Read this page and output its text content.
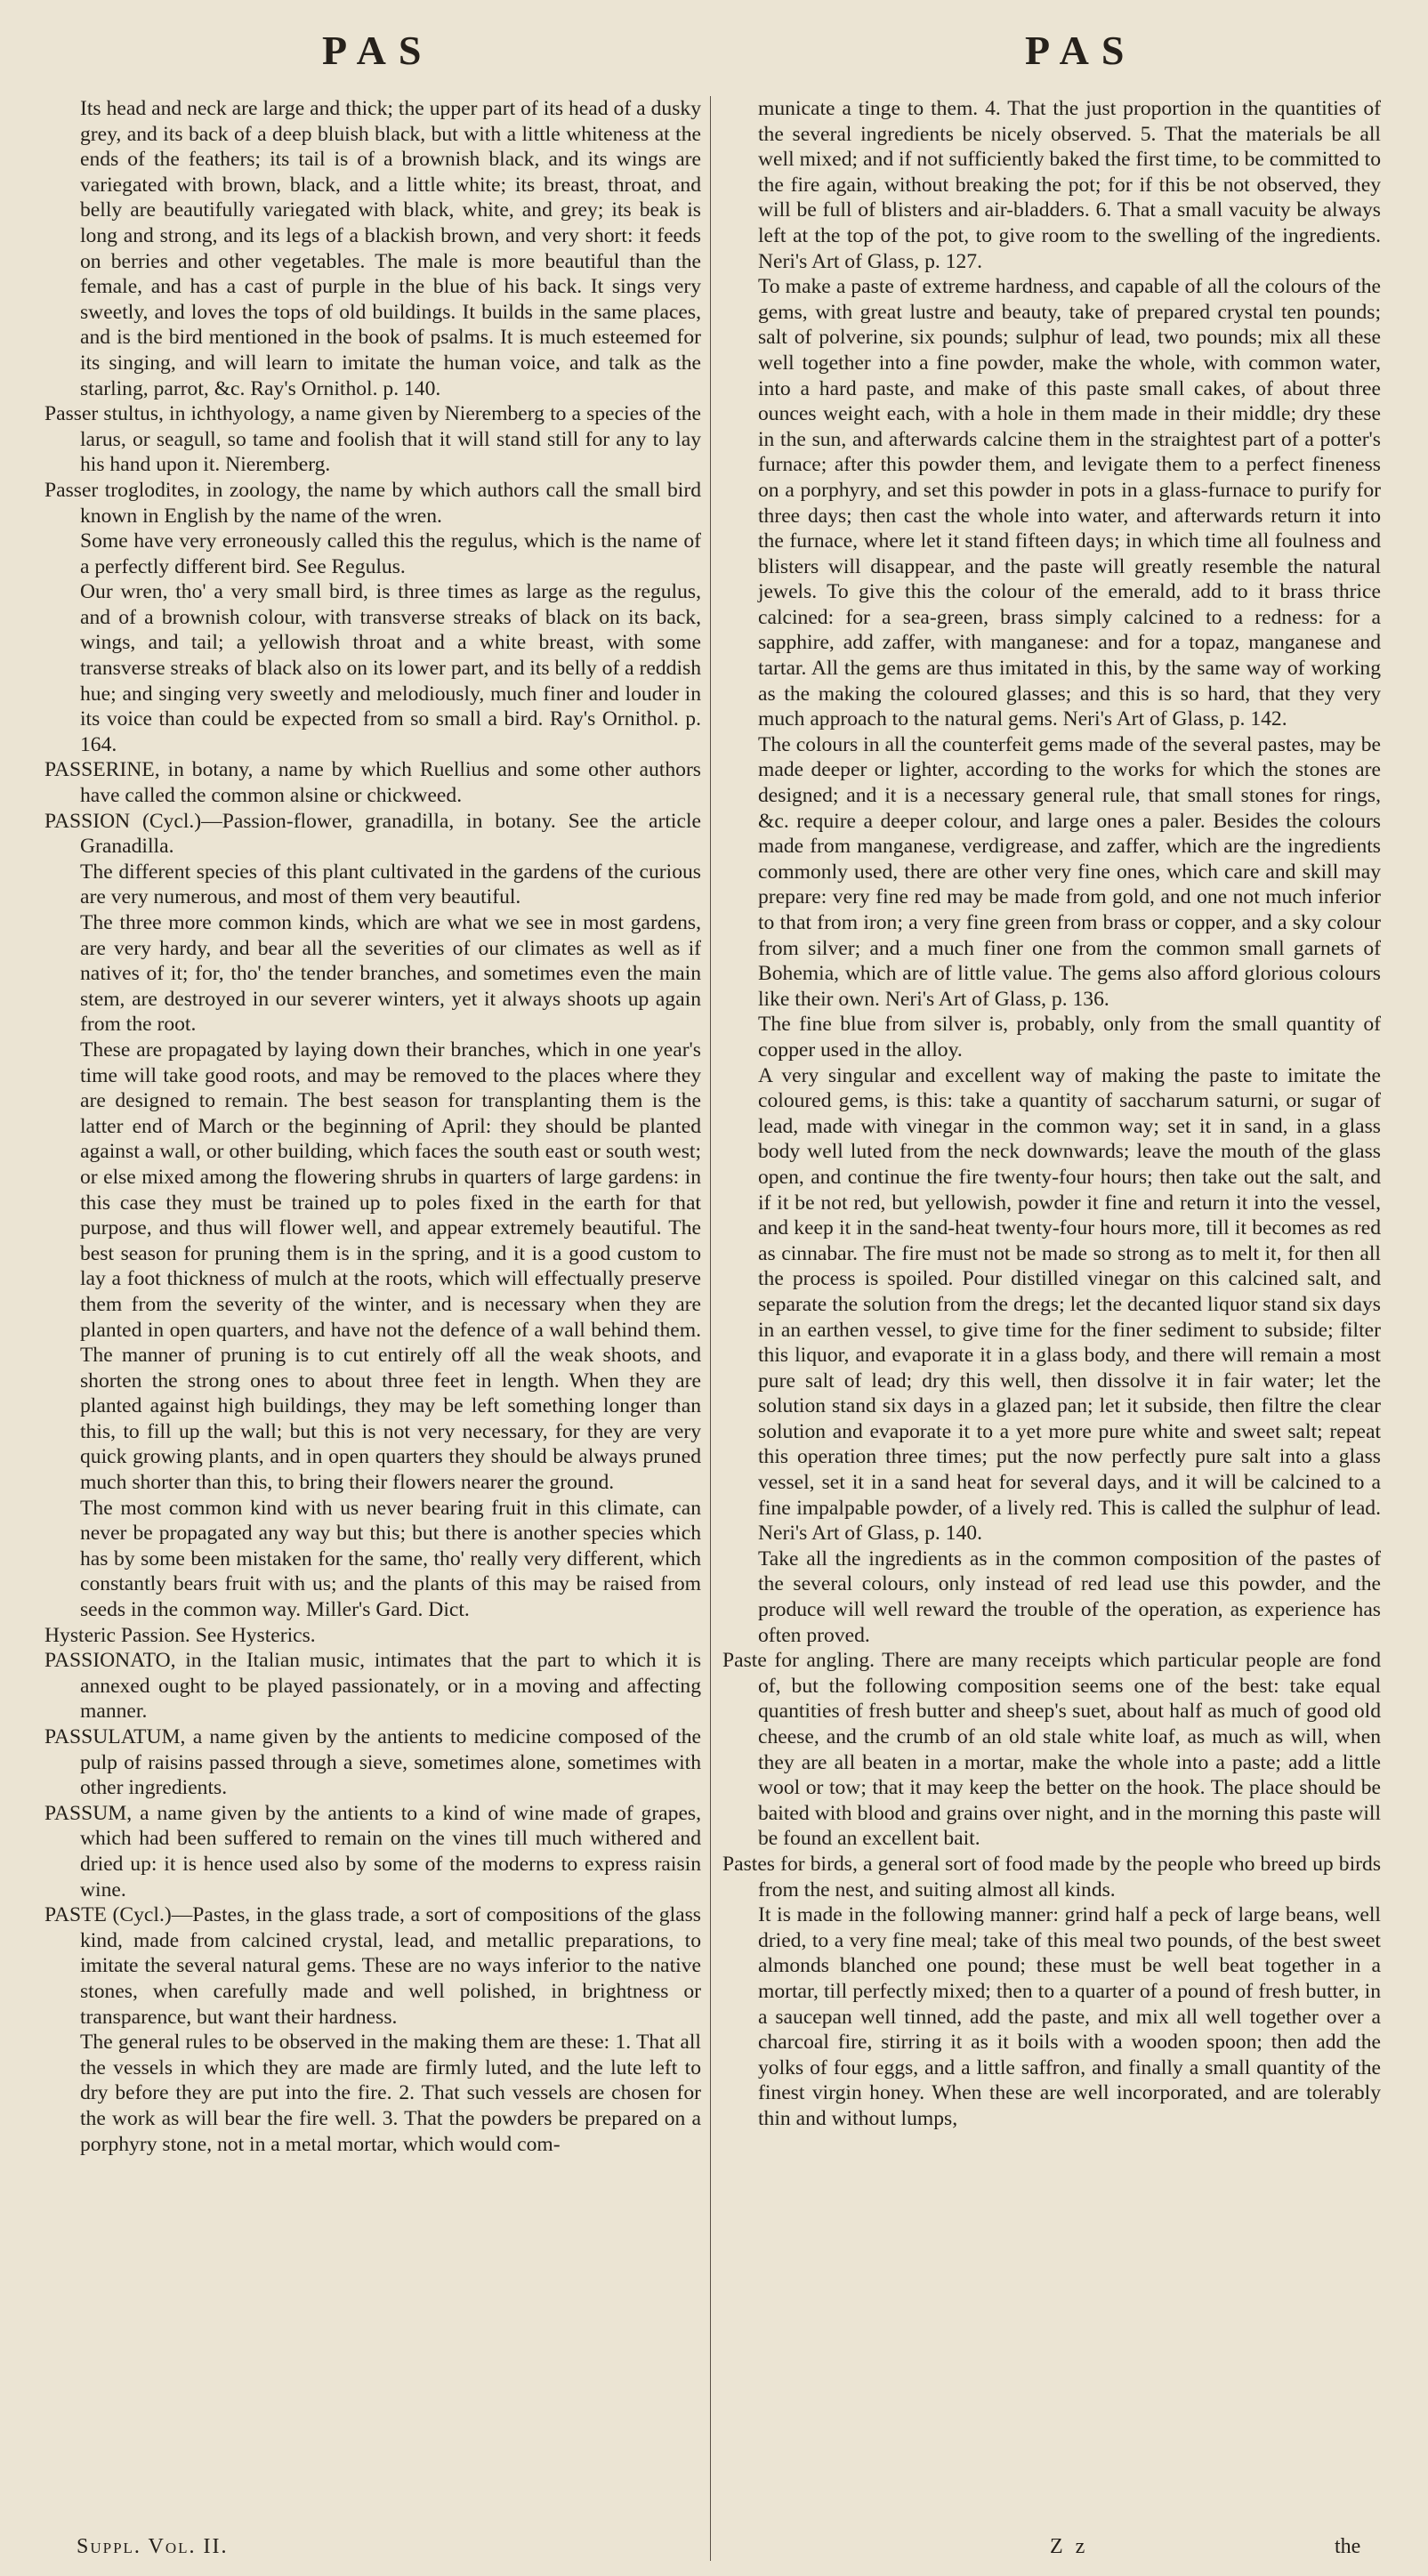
PAS	PAS

Its head and neck are large and thick; the upper part of its head of a dusky grey, and its back of a deep bluish black, but with a little whiteness at the ends of the feathers; its tail is of a brownish black, and its wings are variegated with brown, black, and a little white; its breast, throat, and belly are beautifully variegated with black, white, and grey; its beak is long and strong, and its legs of a blackish brown, and very short: it feeds on berries and other vegetables. The male is more beautiful than the female, and has a cast of purple in the blue of his back. It sings very sweetly, and loves the tops of old buildings. It builds in the same places, and is the bird mentioned in the book of psalms. It is much esteemed for its singing, and will learn to imitate the human voice, and talk as the starling, parrot, &c. Ray's Ornithol. p. 140.

Passer stultus, in ichthyology, a name given by Nieremberg to a species of the larus, or seagull, so tame and foolish that it will stand still for any to lay his hand upon it. Nieremberg.

Passer troglodites, in zoology, the name by which authors call the small bird known in English by the name of the wren.

Some have very erroneously called this the regulus, which is the name of a perfectly different bird. See Regulus.

Our wren, tho' a very small bird, is three times as large as the regulus, and of a brownish colour, with transverse streaks of black on its back, wings, and tail; a yellowish throat and a white breast, with some transverse streaks of black also on its lower part, and its belly of a reddish hue; and singing very sweetly and melodiously, much finer and louder in its voice than could be expected from so small a bird. Ray's Ornithol. p. 164.

PASSERINE, in botany, a name by which Ruellius and some other authors have called the common alsine or chickweed.

PASSION (Cycl.)—Passion-flower, granadilla, in botany. See the article Granadilla.

The different species of this plant cultivated in the gardens of the curious are very numerous, and most of them very beautiful.

The three more common kinds, which are what we see in most gardens, are very hardy, and bear all the severities of our climates as well as if natives of it; for, tho' the tender branches, and sometimes even the main stem, are destroyed in our severer winters, yet it always shoots up again from the root.

These are propagated by laying down their branches, which in one year's time will take good roots, and may be removed to the places where they are designed to remain. The best season for transplanting them is the latter end of March or the beginning of April: they should be planted against a wall, or other building, which faces the south east or south west; or else mixed among the flowering shrubs in quarters of large gardens: in this case they must be trained up to poles fixed in the earth for that purpose, and thus will flower well, and appear extremely beautiful. The best season for pruning them is in the spring, and it is a good custom to lay a foot thickness of mulch at the roots, which will effectually preserve them from the severity of the winter, and is necessary when they are planted in open quarters, and have not the defence of a wall behind them. The manner of pruning is to cut entirely off all the weak shoots, and shorten the strong ones to about three feet in length. When they are planted against high buildings, they may be left something longer than this, to fill up the wall; but this is not very necessary, for they are very quick growing plants, and in open quarters they should be always pruned much shorter than this, to bring their flowers nearer the ground.

The most common kind with us never bearing fruit in this climate, can never be propagated any way but this; but there is another species which has by some been mistaken for the same, tho' really very different, which constantly bears fruit with us; and the plants of this may be raised from seeds in the common way. Miller's Gard. Dict.

Hysteric Passion. See Hysterics.

PASSIONATO, in the Italian music, intimates that the part to which it is annexed ought to be played passionately, or in a moving and affecting manner.

PASSULATUM, a name given by the antients to medicine composed of the pulp of raisins passed through a sieve, sometimes alone, sometimes with other ingredients.

PASSUM, a name given by the antients to a kind of wine made of grapes, which had been suffered to remain on the vines till much withered and dried up: it is hence used also by some of the moderns to express raisin wine.

PASTE (Cycl.)—Pastes, in the glass trade, a sort of compositions of the glass kind, made from calcined crystal, lead, and metallic preparations, to imitate the several natural gems. These are no ways inferior to the native stones, when carefully made and well polished, in brightness or transparence, but want their hardness.

The general rules to be observed in the making them are these: 1. That all the vessels in which they are made are firmly luted, and the lute left to dry before they are put into the fire. 2. That such vessels are chosen for the work as will bear the fire well. 3. That the powders be prepared on a porphyry stone, not in a metal mortar, which would com-

municate a tinge to them. 4. That the just proportion in the quantities of the several ingredients be nicely observed. 5. That the materials be all well mixed; and if not sufficiently baked the first time, to be committed to the fire again, without breaking the pot; for if this be not observed, they will be full of blisters and air-bladders. 6. That a small vacuity be always left at the top of the pot, to give room to the swelling of the ingredients. Neri's Art of Glass, p. 127.

To make a paste of extreme hardness, and capable of all the colours of the gems, with great lustre and beauty, take of prepared crystal ten pounds; salt of polverine, six pounds; sulphur of lead, two pounds; mix all these well together into a fine powder, make the whole, with common water, into a hard paste, and make of this paste small cakes, of about three ounces weight each, with a hole in them made in their middle; dry these in the sun, and afterwards calcine them in the straightest part of a potter's furnace; after this powder them, and levigate them to a perfect fineness on a porphyry, and set this powder in pots in a glass-furnace to purify for three days; then cast the whole into water, and afterwards return it into the furnace, where let it stand fifteen days; in which time all foulness and blisters will disappear, and the paste will greatly resemble the natural jewels. To give this the colour of the emerald, add to it brass thrice calcined: for a sea-green, brass simply calcined to a redness: for a sapphire, add zaffer, with manganese: and for a topaz, manganese and tartar. All the gems are thus imitated in this, by the same way of working as the making the coloured glasses; and this is so hard, that they very much approach to the natural gems. Neri's Art of Glass, p. 142.

The colours in all the counterfeit gems made of the several pastes, may be made deeper or lighter, according to the works for which the stones are designed; and it is a necessary general rule, that small stones for rings, &c. require a deeper colour, and large ones a paler. Besides the colours made from manganese, verdigrease, and zaffer, which are the ingredients commonly used, there are other very fine ones, which care and skill may prepare: very fine red may be made from gold, and one not much inferior to that from iron; a very fine green from brass or copper, and a sky colour from silver; and a much finer one from the common small garnets of Bohemia, which are of little value. The gems also afford glorious colours like their own. Neri's Art of Glass, p. 136.

The fine blue from silver is, probably, only from the small quantity of copper used in the alloy.

A very singular and excellent way of making the paste to imitate the coloured gems, is this: take a quantity of saccharum saturni, or sugar of lead, made with vinegar in the common way; set it in sand, in a glass body well luted from the neck downwards; leave the mouth of the glass open, and continue the fire twenty-four hours; then take out the salt, and if it be not red, but yellowish, powder it fine and return it into the vessel, and keep it in the sand-heat twenty-four hours more, till it becomes as red as cinnabar. The fire must not be made so strong as to melt it, for then all the process is spoiled. Pour distilled vinegar on this calcined salt, and separate the solution from the dregs; let the decanted liquor stand six days in an earthen vessel, to give time for the finer sediment to subside; filter this liquor, and evaporate it in a glass body, and there will remain a most pure salt of lead; dry this well, then dissolve it in fair water; let the solution stand six days in a glazed pan; let it subside, then filtre the clear solution and evaporate it to a yet more pure white and sweet salt; repeat this operation three times; put the now perfectly pure salt into a glass vessel, set it in a sand heat for several days, and it will be calcined to a fine impalpable powder, of a lively red. This is called the sulphur of lead. Neri's Art of Glass, p. 140.

Take all the ingredients as in the common composition of the pastes of the several colours, only instead of red lead use this powder, and the produce will well reward the trouble of the operation, as experience has often proved.

Paste for angling. There are many receipts which particular people are fond of, but the following composition seems one of the best: take equal quantities of fresh butter and sheep's suet, about half as much of good old cheese, and the crumb of an old stale white loaf, as much as will, when they are all beaten in a mortar, make the whole into a paste; add a little wool or tow; that it may keep the better on the hook. The place should be baited with blood and grains over night, and in the morning this paste will be found an excellent bait.

Pastes for birds, a general sort of food made by the people who breed up birds from the nest, and suiting almost all kinds.

It is made in the following manner: grind half a peck of large beans, well dried, to a very fine meal; take of this meal two pounds, of the best sweet almonds blanched one pound; these must be well beat together in a mortar, till perfectly mixed; then to a quarter of a pound of fresh butter, in a saucepan well tinned, add the paste, and mix all well together over a charcoal fire, stirring it as it boils with a wooden spoon; then add the yolks of four eggs, and a little saffron, and finally a small quantity of the finest virgin honey. When these are well incorporated, and are tolerably thin and without lumps,

Suppl. Vol. II.	Z z	the
